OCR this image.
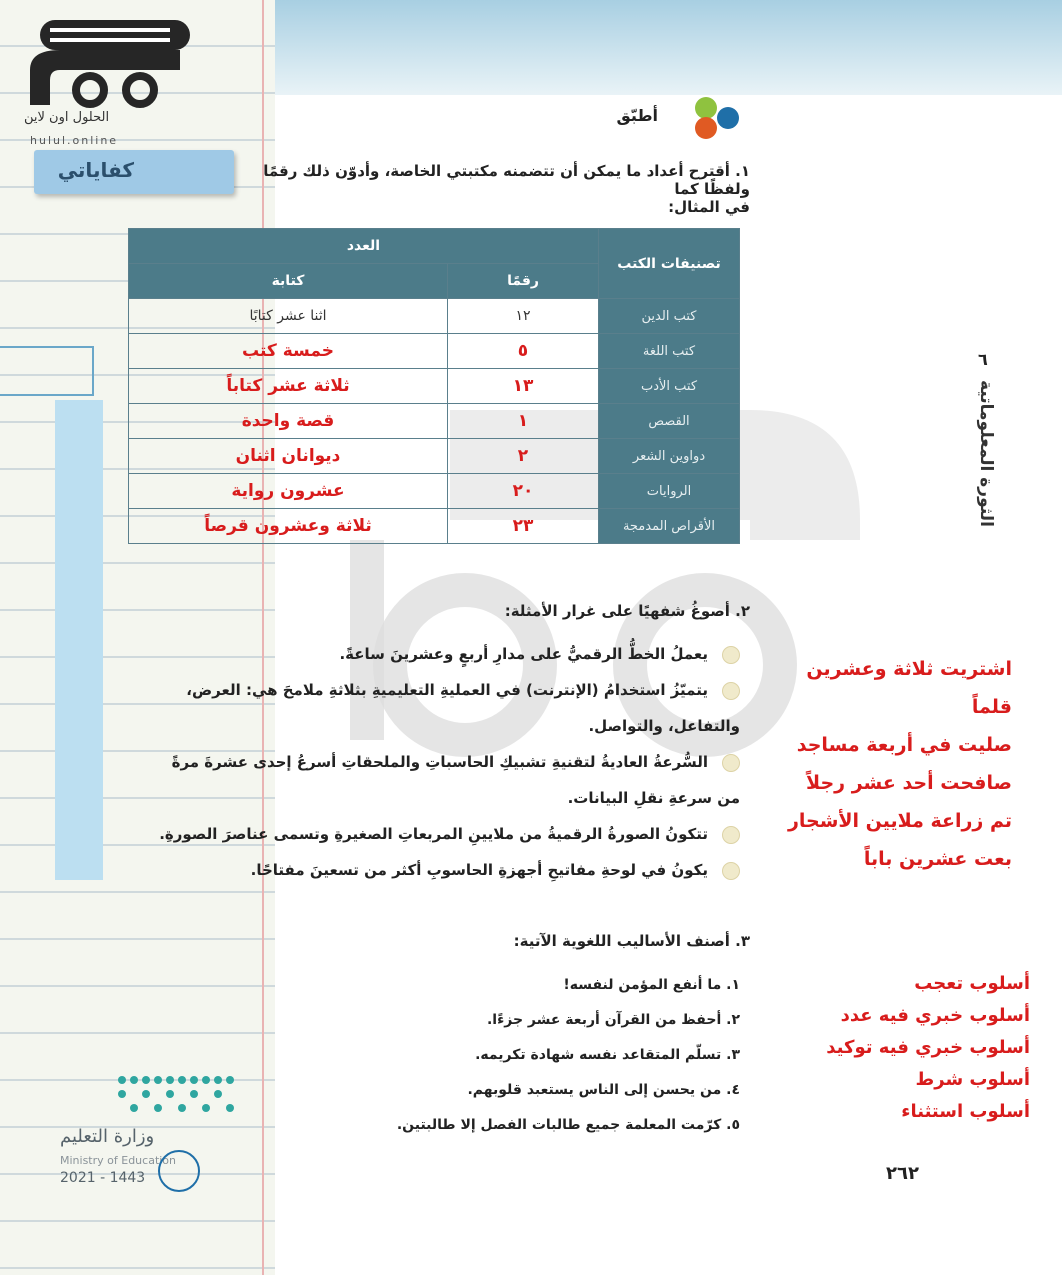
الحلول اون لاين
hulul.online
كفاياتي
أطبّق
١. أقترح أعداد ما يمكن أن تتضمنه مكتبتي الخاصة، وأدوّن ذلك رقمًا ولفظًا كما
في المثال:
تصنيفات الكتب	العدد	
	رقمًا	كتابة
كتب الدين	١٢	اثنا عشر كتابًا
كتب اللغة	٥	خمسة كتب
كتب الأدب	١٣	ثلاثة عشر كتاباً
القصص	١	قصة واحدة
دواوين الشعر	٢	ديوانان اثنان
الروايات	٢٠	عشرون رواية
الأقراص المدمجة	٢٣	ثلاثة وعشرون قرصاً
٦
الثورة المعلوماتية
٢. أصوغُ شفهيًا على غرار الأمثلة:
يعملُ الخطُّ الرقميُّ على مدارِ أربعٍ وعشرينَ ساعةً.
يتميّزُ استخدامُ (الإنترنت) في العمليةِ التعليميةِ بثلاثةِ ملامحَ هي: العرض،
والتفاعل، والتواصل.
السُّرعةُ العاديةُ لتقنيةِ تشبيكِ الحاسباتِ والملحقاتِ أسرعُ إحدى عشرةَ مرةً
من سرعةِ نقلِ البيانات.
تتكونُ الصورةُ الرقميةُ من ملايينِ المربعاتِ الصغيرةِ وتسمى عناصرَ الصورةِ.
يكونُ في لوحةِ مفاتيحِ أجهزةِ الحاسوبِ أكثر من تسعينَ مفتاحًا.
اشتريت ثلاثة وعشرين قلماً
صليت في أربعة مساجد
صافحت أحد عشر رجلاً
تم زراعة ملايين الأشجار
بعت عشرين باباً
٣. أصنف الأساليب اللغوية الآتية:
١. ما أنفع المؤمن لنفسه!
٢. أحفظ من القرآن أربعة عشر جزءًا.
٣. تسلّم المتقاعد نفسه شهادة تكريمه.
٤. من يحسن إلى الناس يستعبد قلوبهم.
٥. كرّمت المعلمة جميع طالبات الفصل إلا طالبتين.
أسلوب تعجب
أسلوب خبري فيه عدد
أسلوب خبري فيه توكيد
أسلوب شرط
أسلوب استثناء
٢٦٢
وزارة التعليم
Ministry of Education
2021 - 1443
